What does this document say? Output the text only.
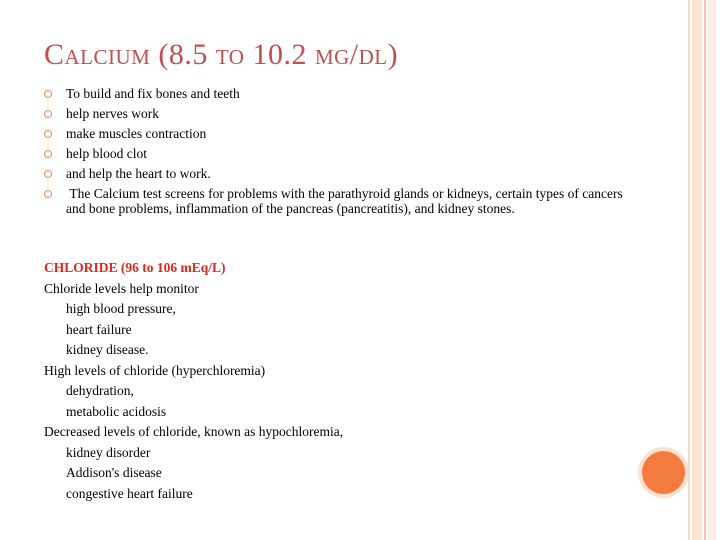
Calcium (8.5 to 10.2 mg/dl)
To build and fix bones and teeth
help nerves work
make muscles contraction
help blood clot
and help the heart to work.
The Calcium test screens for problems with the parathyroid glands or kidneys, certain types of cancers and bone problems, inflammation of the pancreas (pancreatitis), and kidney stones.
CHLORIDE (96 to 106 mEq/L)
Chloride levels help monitor
high blood pressure,
heart failure
kidney disease.
High levels of chloride (hyperchloremia)
dehydration,
metabolic acidosis
Decreased levels of chloride, known as hypochloremia,
kidney disorder
Addison's disease
congestive heart failure
